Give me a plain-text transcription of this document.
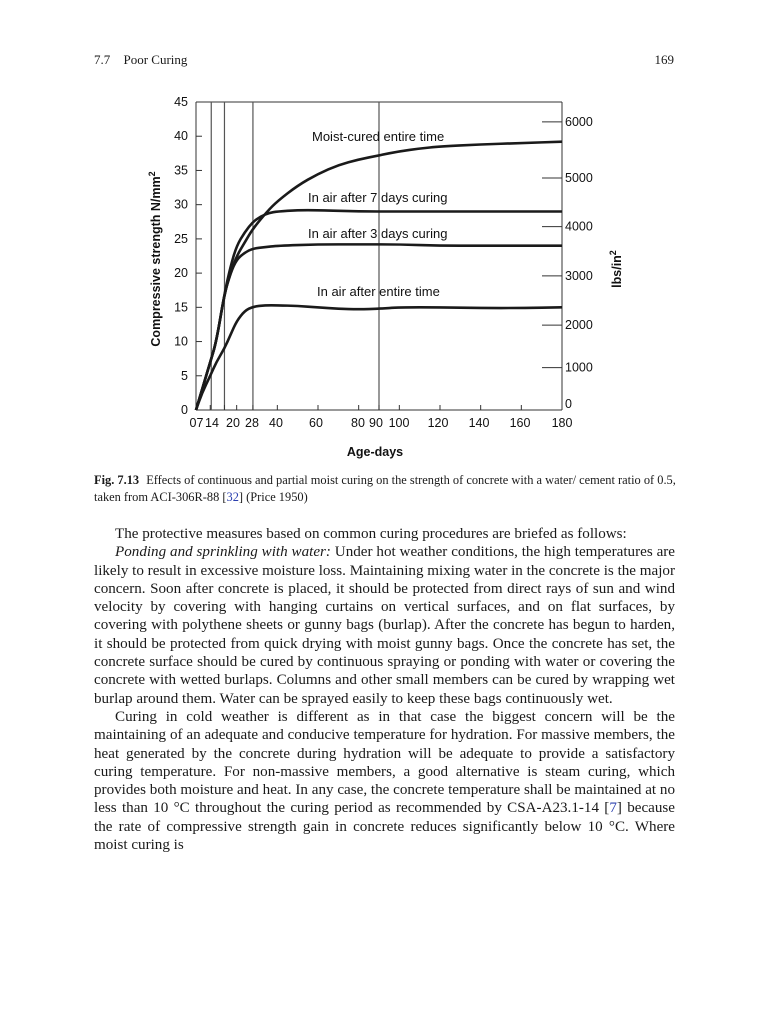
7.7 Poor Curing	169
0
5
10
15
20
25
30
35
40
45
0
1000
2000
3000
4000
5000
6000
0 7 14 20 28 40 60 80 90 100 120 140 160 180
Moist-cured entire time
In air after 7 days curing
In air after 3 days curing
In air after entire time
Age-days
Compressive strength $N/mm^2$
lbs/$in^2$
Fig. 7.13 Effects of continuous and partial moist curing on the strength of concrete with a water/ cement ratio of 0.5, taken from ACI-306R-88 [32] (Price 1950)

The protective measures based on common curing procedures are briefed as follows:

Ponding and sprinkling with water: Under hot weather conditions, the high temperatures are likely to result in excessive moisture loss. Maintaining mixing water in the concrete is the major concern. Soon after concrete is placed, it should be protected from direct rays of sun and wind velocity by covering with hanging curtains on vertical surfaces, and on flat surfaces, by covering with polythene sheets or gunny bags (burlap). After the concrete has begun to harden, it should be protected from quick drying with moist gunny bags. Once the concrete has set, the concrete surface should be cured by continuous spraying or ponding with water or covering the concrete with wetted burlaps. Columns and other small members can be cured by wrapping wet burlap around them. Water can be sprayed easily to keep these bags continuously wet.

Curing in cold weather is different as in that case the biggest concern will be the maintaining of an adequate and conducive temperature for hydration. For massive members, the heat generated by the concrete during hydration will be adequate to provide a satisfactory curing temperature. For non-massive members, a good alternative is steam curing, which provides both moisture and heat. In any case, the concrete temperature shall be maintained at no less than 10 °C throughout the curing period as recommended by CSA-A23.1-14 [7] because the rate of compressive strength gain in concrete reduces significantly below 10 °C. Where moist curing is
